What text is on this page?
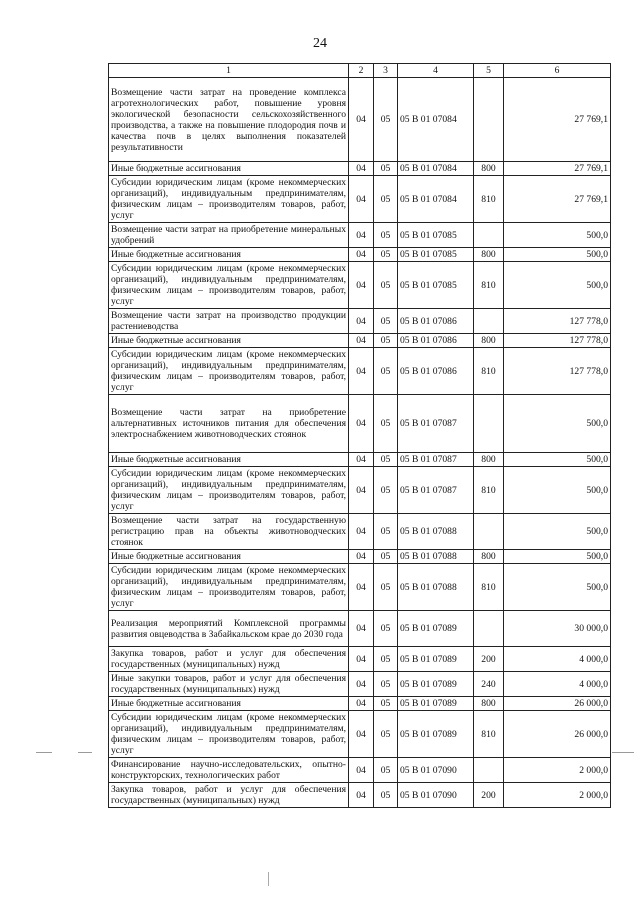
24
1	2	3	4	5	6
Возмещение части затрат на проведение комплекса агротехнологических работ, повышение уровня экологической безопасности сельскохозяйственного производства, а также на повышение плодородия почв и качества почв в целях выполнения показателей результативности	04	05	05 В 01 07084		27 769,1
Иные бюджетные ассигнования	04	05	05 В 01 07084	800	27 769,1
Субсидии юридическим лицам (кроме некоммерческих организаций), индивидуальным предпринимателям, физическим лицам – производителям товаров, работ, услуг	04	05	05 В 01 07084	810	27 769,1
Возмещение части затрат на приобретение минеральных удобрений	04	05	05 В 01 07085		500,0
Иные бюджетные ассигнования	04	05	05 В 01 07085	800	500,0
Субсидии юридическим лицам (кроме некоммерческих организаций), индивидуальным предпринимателям, физическим лицам – производителям товаров, работ, услуг	04	05	05 В 01 07085	810	500,0
Возмещение части затрат на производство продукции растениеводства	04	05	05 В 01 07086		127 778,0
Иные бюджетные ассигнования	04	05	05 В 01 07086	800	127 778,0
Субсидии юридическим лицам (кроме некоммерческих организаций), индивидуальным предпринимателям, физическим лицам – производителям товаров, работ, услуг	04	05	05 В 01 07086	810	127 778,0
Возмещение части затрат на приобретение альтернативных источников питания для обеспечения электроснабжением животноводческих стоянок	04	05	05 В 01 07087		500,0
Иные бюджетные ассигнования	04	05	05 В 01 07087	800	500,0
Субсидии юридическим лицам (кроме некоммерческих организаций), индивидуальным предпринимателям, физическим лицам – производителям товаров, работ, услуг	04	05	05 В 01 07087	810	500,0
Возмещение части затрат на государственную регистрацию прав на объекты животноводческих стоянок	04	05	05 В 01 07088		500,0
Иные бюджетные ассигнования	04	05	05 В 01 07088	800	500,0
Субсидии юридическим лицам (кроме некоммерческих организаций), индивидуальным предпринимателям, физическим лицам – производителям товаров, работ, услуг	04	05	05 В 01 07088	810	500,0
Реализация мероприятий Комплексной программы развития овцеводства в Забайкальском крае до 2030 года	04	05	05 В 01 07089		30 000,0
Закупка товаров, работ и услуг для обеспечения государственных (муниципальных) нужд	04	05	05 В 01 07089	200	4 000,0
Иные закупки товаров, работ и услуг для обеспечения государственных (муниципальных) нужд	04	05	05 В 01 07089	240	4 000,0
Иные бюджетные ассигнования	04	05	05 В 01 07089	800	26 000,0
Субсидии юридическим лицам (кроме некоммерческих организаций), индивидуальным предпринимателям, физическим лицам – производителям товаров, работ, услуг	04	05	05 В 01 07089	810	26 000,0
Финансирование научно-исследовательских, опытно-конструкторских, технологических работ	04	05	05 В 01 07090		2 000,0
Закупка товаров, работ и услуг для обеспечения государственных (муниципальных) нужд	04	05	05 В 01 07090	200	2 000,0
